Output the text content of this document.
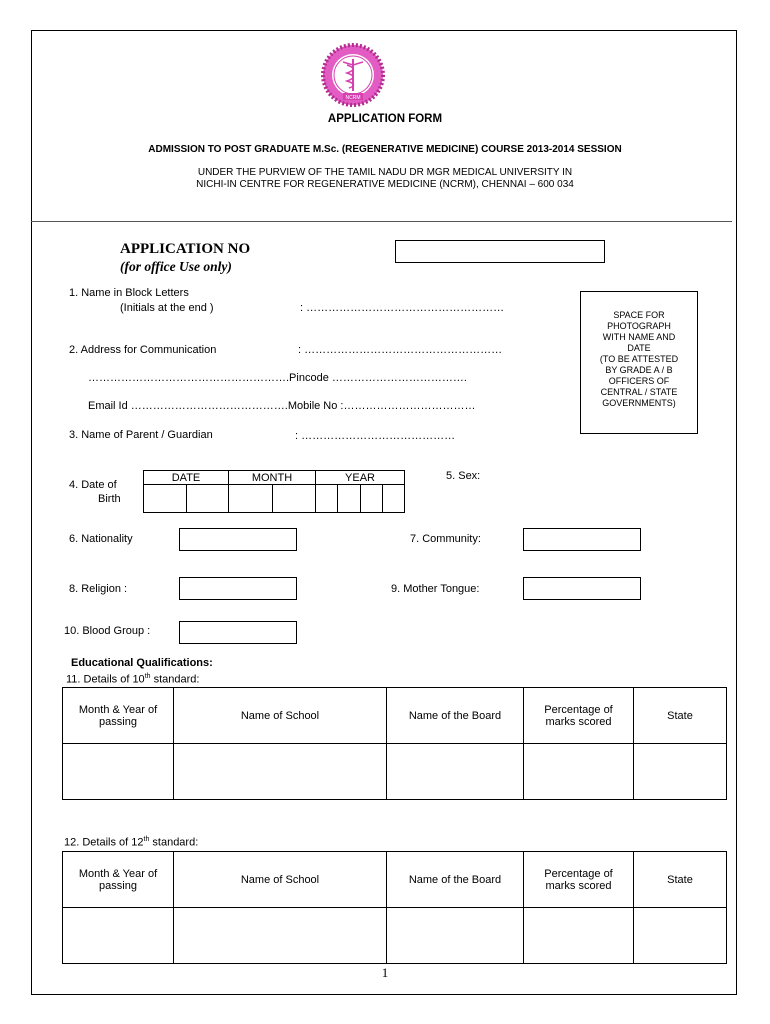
NCRM
APPLICATION FORM
ADMISSION TO POST GRADUATE M.Sc. (REGENERATIVE MEDICINE) COURSE 2013-2014 SESSION
UNDER THE PURVIEW OF THE TAMIL NADU DR MGR MEDICAL UNIVERSITY IN
NICHI-IN CENTRE FOR REGENERATIVE MEDICINE (NCRM), CHENNAI – 600 034
APPLICATION NO
(for office Use only)
1. Name in Block Letters
(Initials at the end )	: ………………………………………………
2. Address for Communication	: ………………………………………………
……………………………………………….Pincode ……………………………….
Email Id …………………………………….Mobile No :………………………………
3. Name of Parent / Guardian	: ……………………………………
SPACE FOR
PHOTOGRAPH
WITH NAME AND
DATE
(TO BE ATTESTED
BY GRADE A / B
OFFICERS OF
CENTRAL / STATE
GOVERNMENTS)
4. Date of
Birth
DATE		MONTH		YEAR			
								5. Sex:
6. Nationality	7. Community:
8. Religion :	9. Mother Tongue:
10. Blood Group :
Educational Qualifications:
11. Details of 10th standard:
Month & Year of passing	Name of School	Name of the Board	Percentage of marks scored	State

12. Details of 12th standard:
Month & Year of passing	Name of School	Name of the Board	Percentage of marks scored	State

1
